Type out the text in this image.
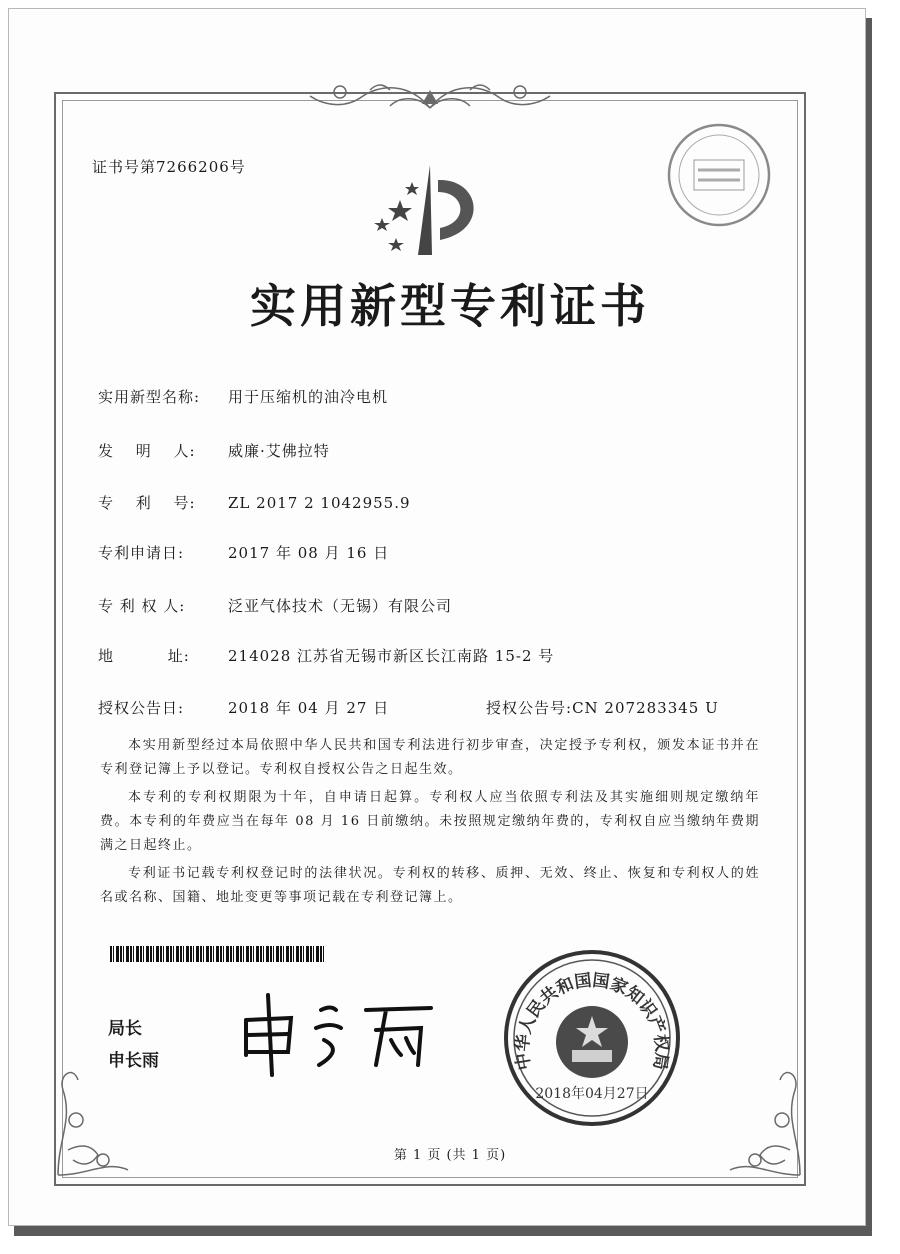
证书号第7266206号
实用新型专利证书
实用新型名称: 用于压缩机的油冷电机
发　 明　 人: 威廉·艾佛拉特
专　 利　 号: ZL 2017 2 1042955.9
专利申请日:	2017 年 08 月 16 日
专 利 权 人:	泛亚气体技术（无锡）有限公司
地　　　 址:	214028 江苏省无锡市新区长江南路 15-2 号
授权公告日:	2018 年 04 月 27 日	授权公告号:CN 207283345 U

本实用新型经过本局依照中华人民共和国专利法进行初步审查，决定授予专利权，颁发本证书并在专利登记簿上予以登记。专利权自授权公告之日起生效。

本专利的专利权期限为十年，自申请日起算。专利权人应当依照专利法及其实施细则规定缴纳年费。本专利的年费应当在每年 08 月 16 日前缴纳。未按照规定缴纳年费的，专利权自应当缴纳年费期满之日起终止。

专利证书记载专利权登记时的法律状况。专利权的转移、质押、无效、终止、恢复和专利权人的姓名或名称、国籍、地址变更等事项记载在专利登记簿上。

局长
申长雨	中华人民共和国国家知识产权局
2018年04月27日
第 1 页 (共 1 页)
